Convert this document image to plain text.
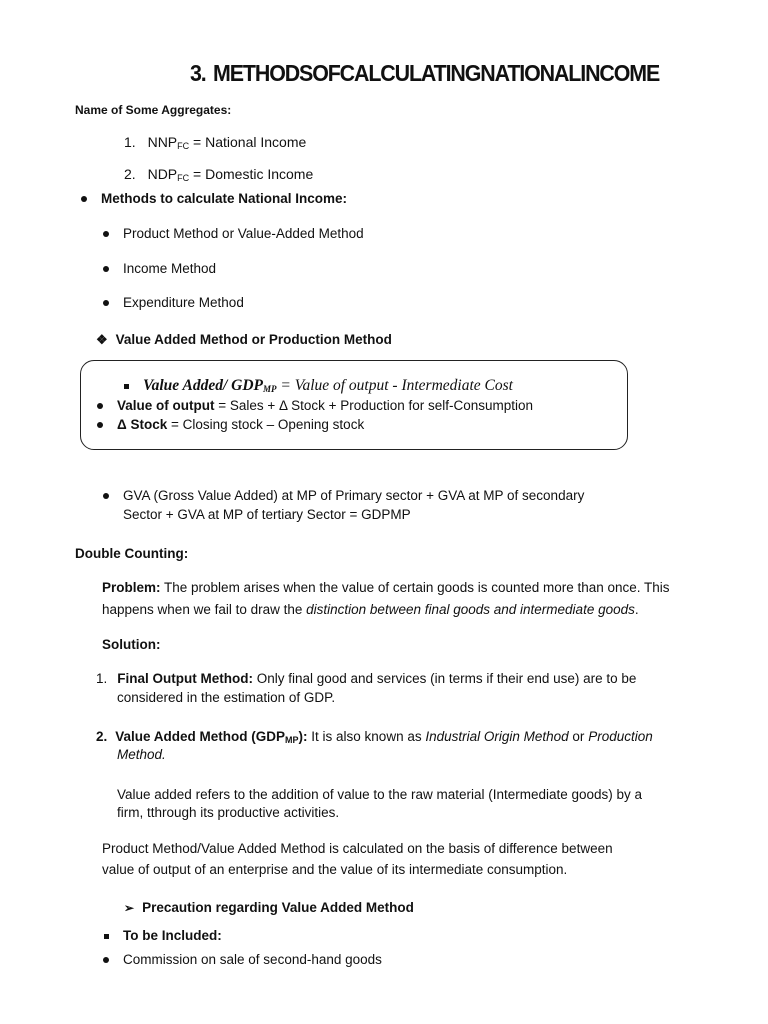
3. METHODSOFCALCULATINGNATIONALINCOME
Name of Some Aggregates:
1. $NNP_{FC}$ = National Income
2. $NDP_{FC}$ = Domestic Income
Methods to calculate National Income:
Product Method or Value-Added Method
Income Method
Expenditure Method
❖ Value Added Method or Production Method
Value Added/ $GDP_{MP}$ = Value of output - Intermediate Cost
Value of output = Sales + Δ Stock + Production for self-Consumption
Δ Stock = Closing stock – Opening stock
GVA (Gross Value Added) at MP of Primary sector + GVA at MP of secondary
Sector + GVA at MP of tertiary Sector = GDPMP
Double Counting:
Problem: The problem arises when the value of certain goods is counted more than once. This
happens when we fail to draw the distinction between final goods and intermediate goods.
Solution:
1. Final Output Method: Only final good and services (in terms if their end use) are to be
considered in the estimation of GDP.
2. Value Added Method $(GDP_{MP})$: It is also known as Industrial Origin Method or Production
Method.
Value added refers to the addition of value to the raw material (Intermediate goods) by a
firm, tthrough its productive activities.
Product Method/Value Added Method is calculated on the basis of difference between
value of output of an enterprise and the value of its intermediate consumption.
➢ Precaution regarding Value Added Method
To be Included:
Commission on sale of second-hand goods
